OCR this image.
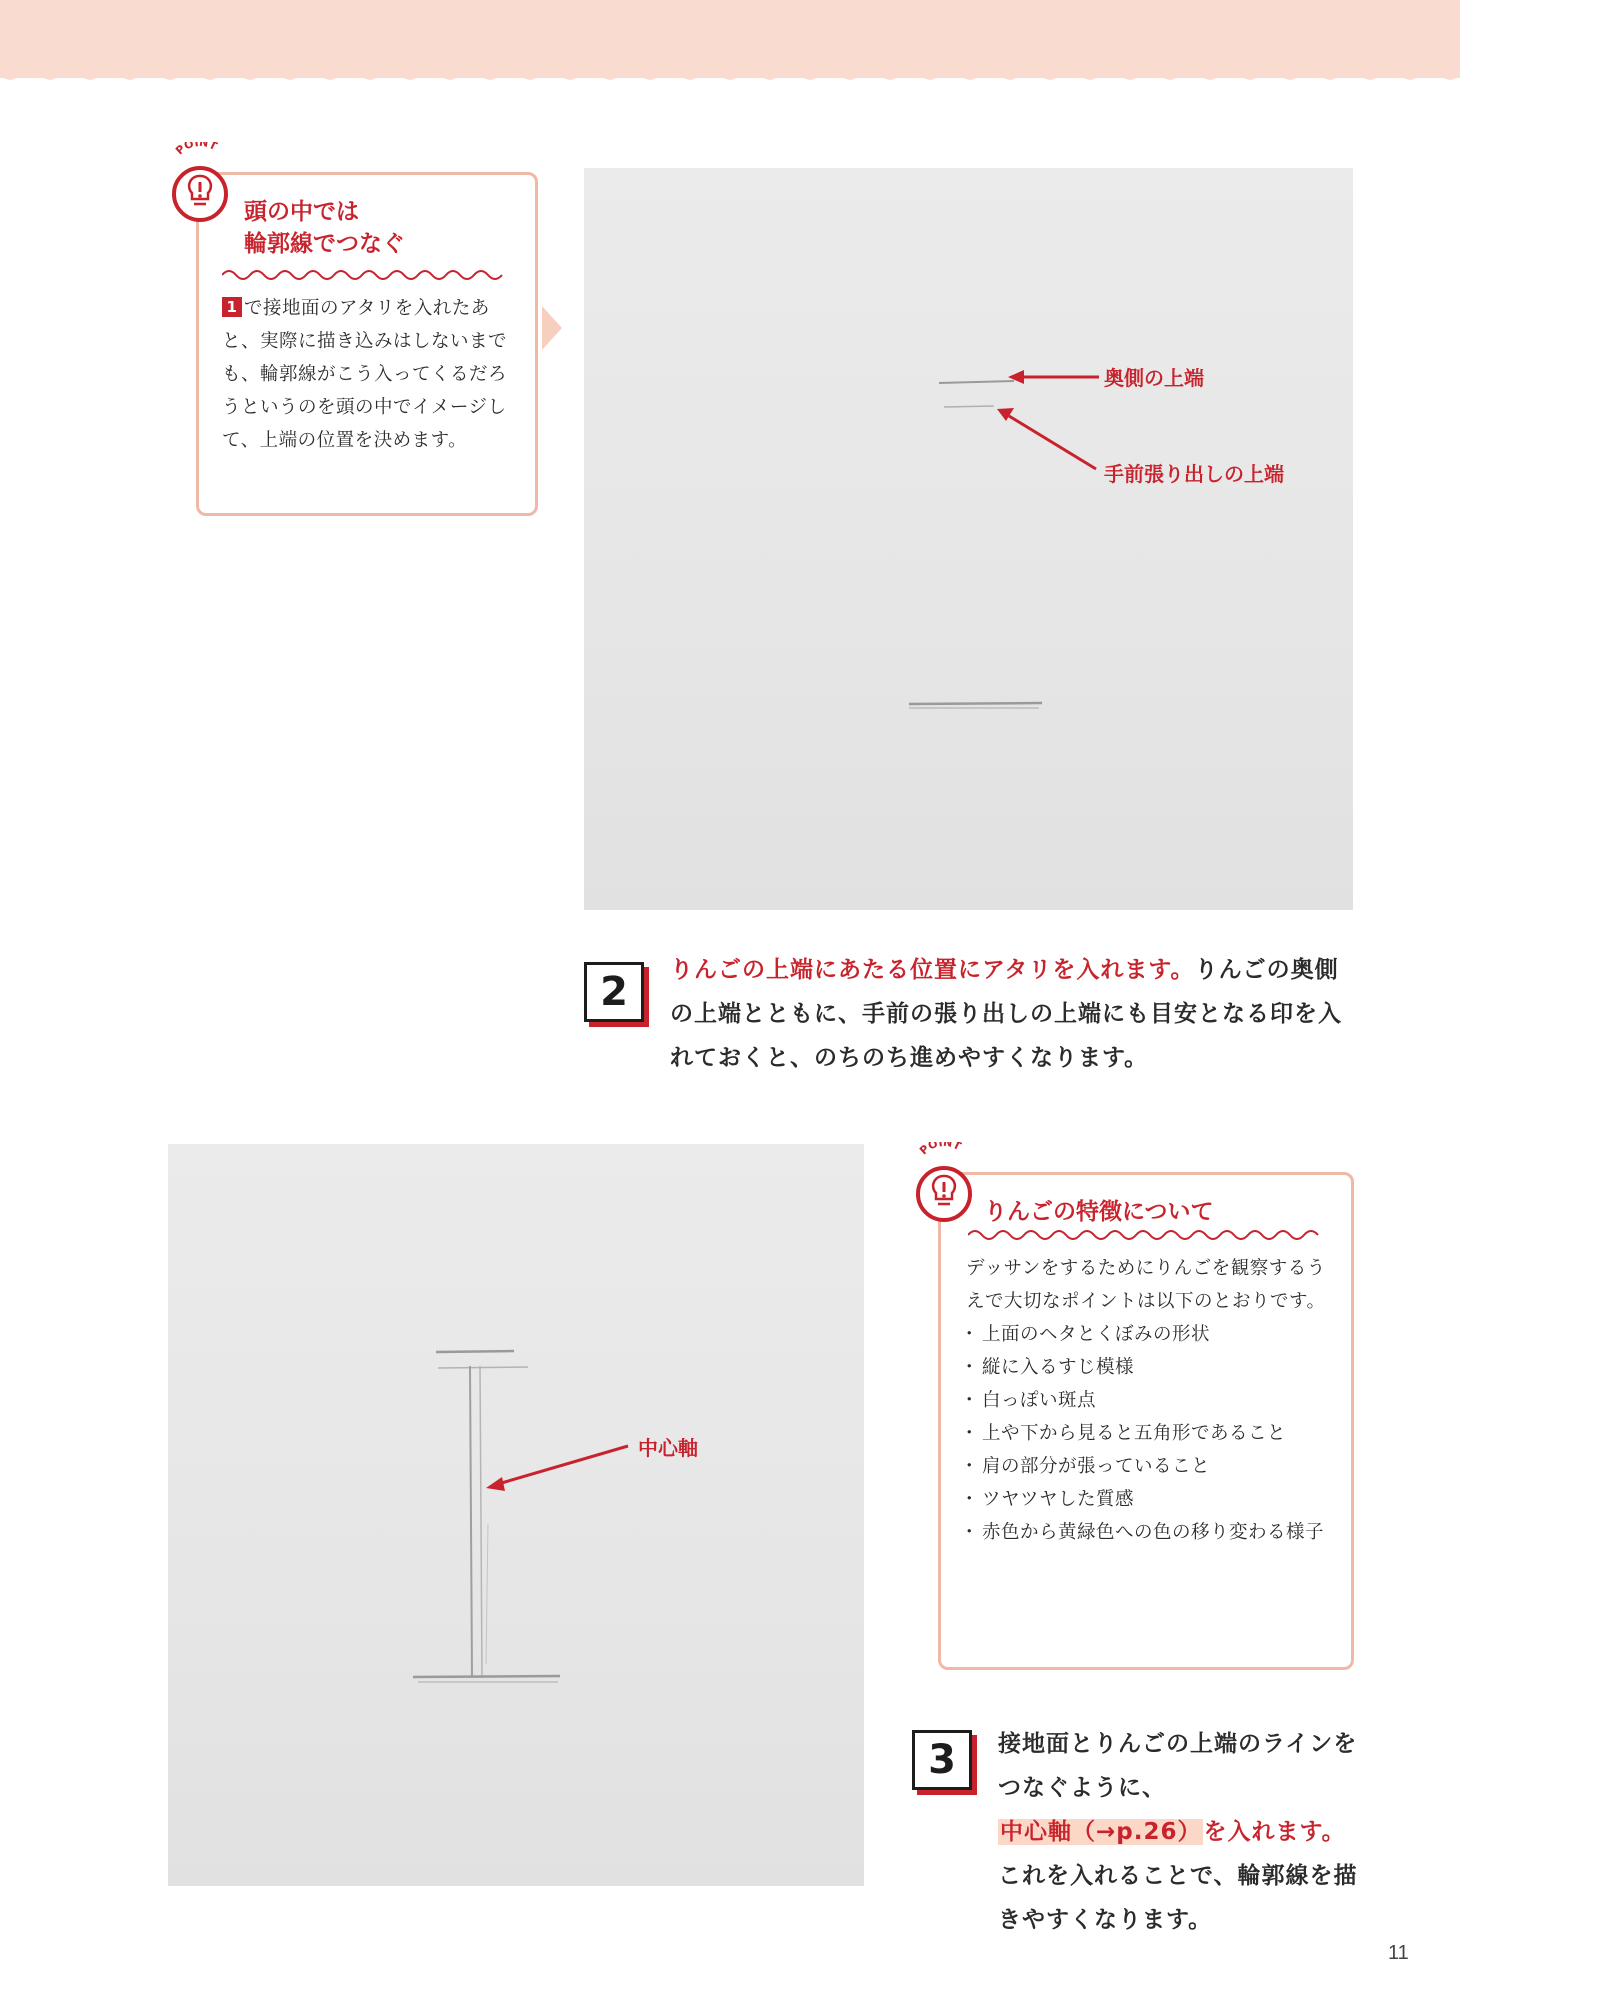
POINT
頭の中では
輪郭線でつなぐ
1 で接地面のアタリを入れたあと、実際に描き込みはしないまでも、輪郭線がこう入ってくるだろうというのを頭の中でイメージして、上端の位置を決めます。
奥側の上端
手前張り出しの上端
2	りんごの上端にあたる位置にアタリを入れます。りんごの奥側の上端とともに、手前の張り出しの上端にも目安となる印を入れておくと、のちのち進めやすくなります。
中心軸
POINT
りんごの特徴について
デッサンをするためにりんごを観察するうえで大切なポイントは以下のとおりです。
・ 上面のヘタとくぼみの形状
・ 縦に入るすじ模様
・ 白っぽい斑点
・ 上や下から見ると五角形であること
・ 肩の部分が張っていること
・ ツヤツヤした質感
・ 赤色から黄緑色への色の移り変わる様子
3	接地面とりんごの上端のラインをつなぐように、中心軸（→p.26）を入れます。これを入れることで、輪郭線を描きやすくなります。
11
